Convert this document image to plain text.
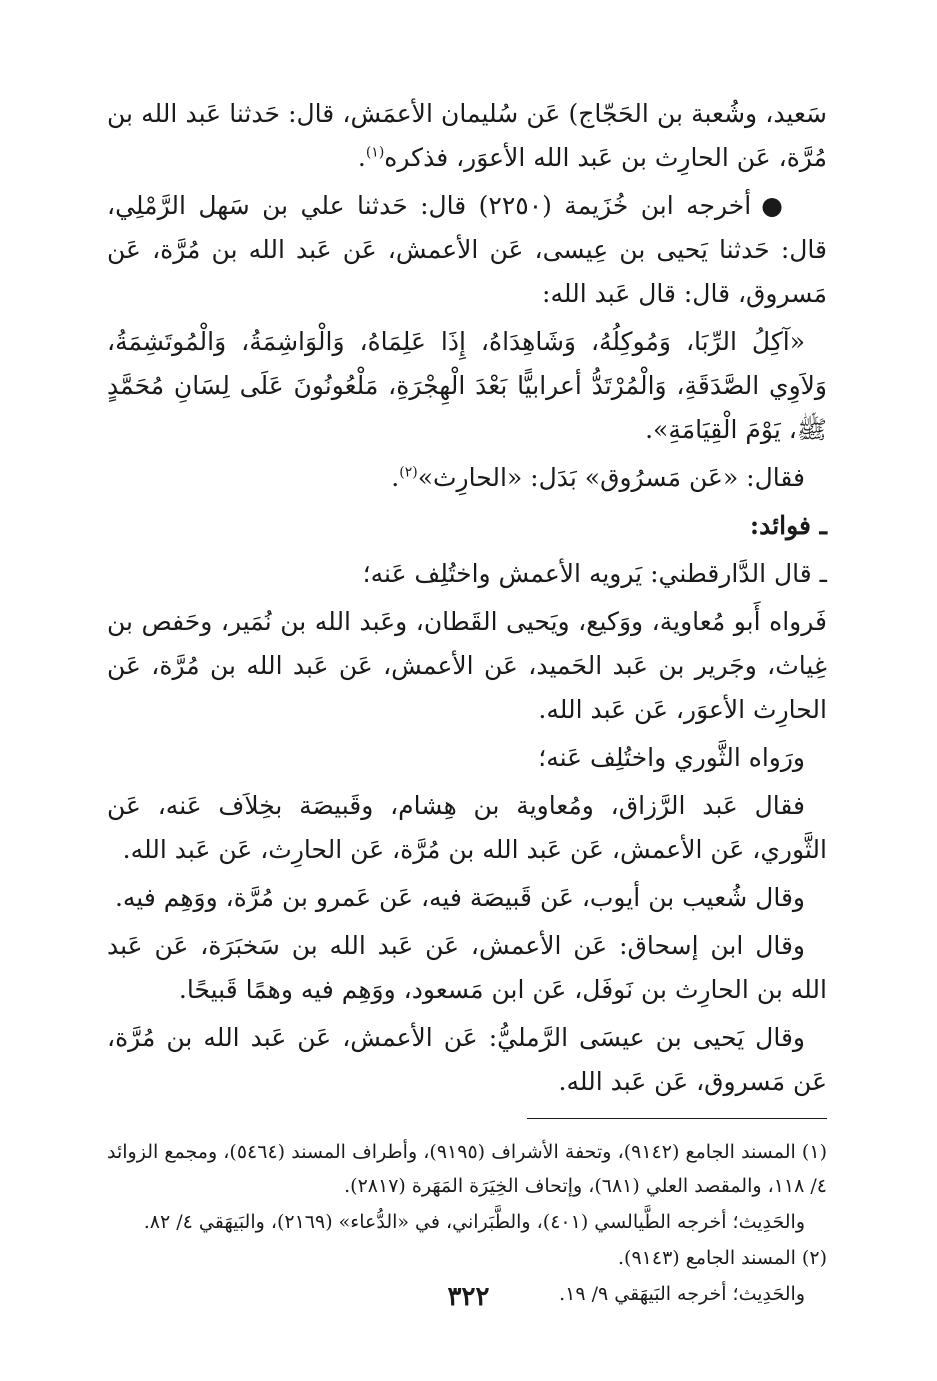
سَعيد، وشُعبة بن الحَجّاج) عَن سُليمان الأعمَش، قال: حَدثنا عَبد الله بن مُرَّة، عَن الحارِث بن عَبد الله الأعوَر، فذكره$^{(١)}$.

●أخرجه ابن خُزَيمة (٢٢٥٠) قال: حَدثنا علي بن سَهل الرَّمْلِي، قال: حَدثنا يَحيى بن عِيسى، عَن الأعمش، عَن عَبد الله بن مُرَّة، عَن مَسروق، قال: قال عَبد الله:

«آكِلُ الرِّبَا، وَمُوكِلُهُ، وَشَاهِدَاهُ، إِذَا عَلِمَاهُ، وَالْوَاشِمَةُ، وَالْمُوتَشِمَةُ، وَلاَوِي الصَّدَقَةِ، وَالْمُرْتَدُّ أعرابيًّا بَعْدَ الْهِجْرَةِ، مَلْعُونُونَ عَلَى لِسَانِ مُحَمَّدٍ ﷺ، يَوْمَ الْقِيَامَةِ».

فقال: «عَن مَسرُوق» بَدَل: «الحارِث»$^{(٢)}$.

ـ فوائد:

ـ قال الدَّارقطني: يَرويه الأعمش واختُلِف عَنه؛

فَرواه أَبو مُعاوية، ووَكيع، ويَحيى القَطان، وعَبد الله بن نُمَير، وحَفص بن غِياث، وجَرير بن عَبد الحَميد، عَن الأعمش، عَن عَبد الله بن مُرَّة، عَن الحارِث الأعوَر، عَن عَبد الله.

ورَواه الثَّوري واختُلِف عَنه؛

فقال عَبد الرَّزاق، ومُعاوية بن هِشام، وقَبيصَة بخِلاَف عَنه، عَن الثَّوري، عَن الأعمش، عَن عَبد الله بن مُرَّة، عَن الحارِث، عَن عَبد الله.

وقال شُعيب بن أيوب، عَن قَبيصَة فيه، عَن عَمرو بن مُرَّة، ووَهِم فيه.

وقال ابن إسحاق: عَن الأعمش، عَن عَبد الله بن سَخبَرَة، عَن عَبد الله بن الحارِث بن نَوفَل، عَن ابن مَسعود، ووَهِم فيه وهمًا قَبيحًا.

وقال يَحيى بن عيسَى الرَّمليُّ: عَن الأعمش، عَن عَبد الله بن مُرَّة، عَن مَسروق، عَن عَبد الله.

(١) المسند الجامع (٩١٤٢)، وتحفة الأشراف (٩١٩٥)، وأطراف المسند (٥٤٦٤)، ومجمع الزوائد ٤/ ١١٨، والمقصد العلي (٦٨١)، وإتحاف الخِيَرَة المَهَرة (٢٨١٧).

والحَدِيث؛ أخرجه الطَّيالسي (٤٠١)، والطَّبَراني، في «الدُّعاء» (٢١٦٩)، والبَيهَقي ٤/ ٨٢.

(٢) المسند الجامع (٩١٤٣).

والحَدِيث؛ أخرجه البَيهَقي ٩/ ١٩.

٣٢٢
